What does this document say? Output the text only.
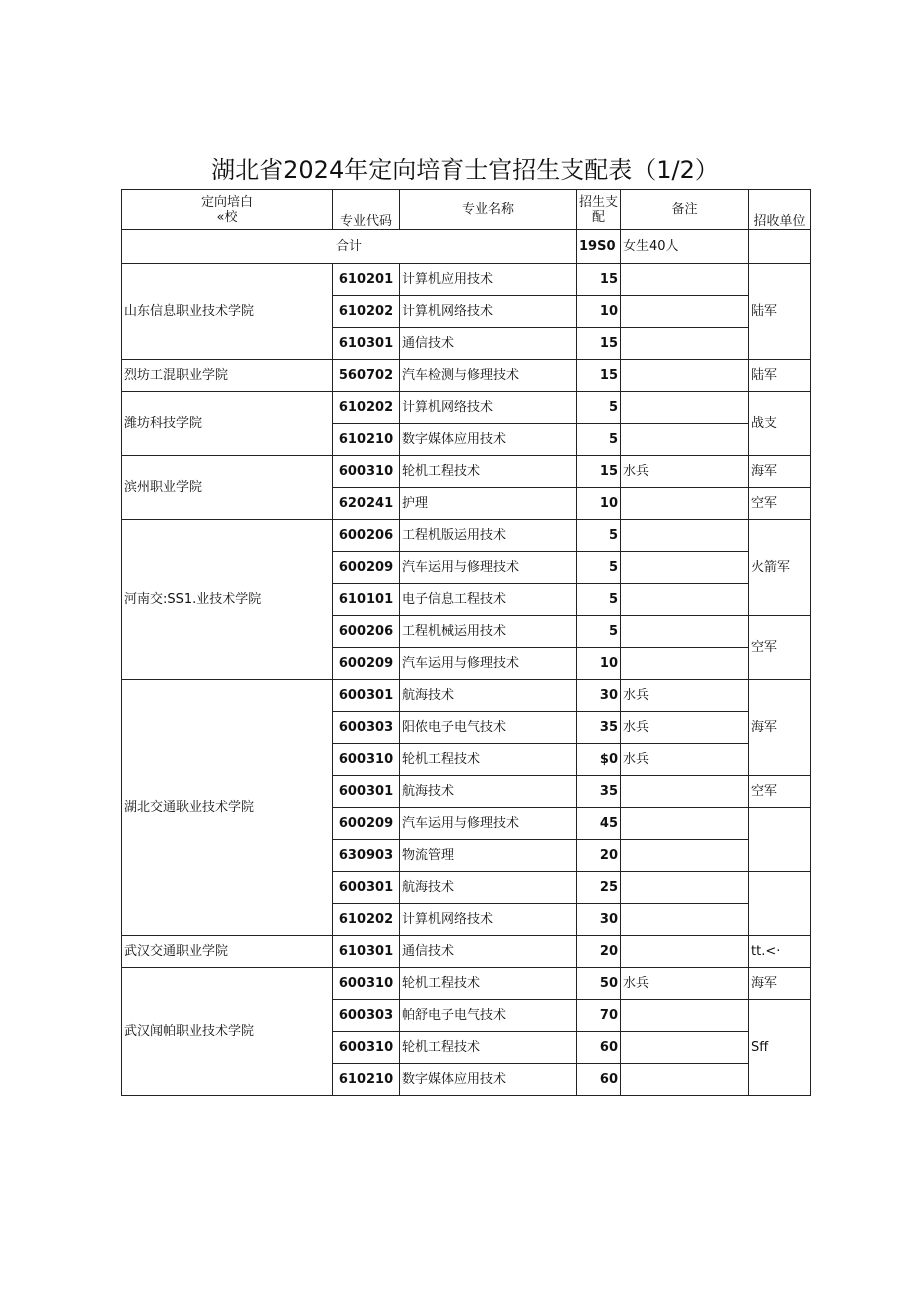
湖北省2024年定向培育士官招生支配表（1/2）
定向培白
«校	专业代码	专业名称	招生支配	备注	招收单位
合计			19S0	女生40人	
山东信息职业技术学院	610201	计算机应用技术	15		陆军
	610202	计算机网络技术	10		
	610301	通信技术	15		
烈坊工混职业学院	560702	汽车检测与修理技术	15		陆军
潍坊科技学院	610202	计算机网络技术	5		战支
	610210	数字媒体应用技术	5		
滨州职业学院	600310	轮机工程技术	15	水兵	海军
	620241	护理	10		空军
河南交:SS1.业技术学院	600206	工程机版运用技术	5		火箭军
	600209	汽车运用与修理技术	5		
	610101	电子信息工程技术	5		
	600206	工程机械运用技术	5		空军
	600209	汽车运用与修理技术	10		
湖北交通耿业技术学院	600301	航海技术	30	水兵	海军
	600303	阳侬电子电气技术	35	水兵	
	600310	轮机工程技术	$0	水兵	
	600301	航海技术	35		空军
	600209	汽车运用与修理技术	45		
	630903	物流管理	20		
	600301	航海技术	25		
	610202	计算机网络技术	30		
武汉交通职业学院	610301	通信技术	20		tt.<·
武汉闻帕职业技术学院	600310	轮机工程技术	50	水兵	海军
	600303	帕舒电子电气技术	70		Sff
	600310	轮机工程技术	60		
	610210	数字媒体应用技术	60		
